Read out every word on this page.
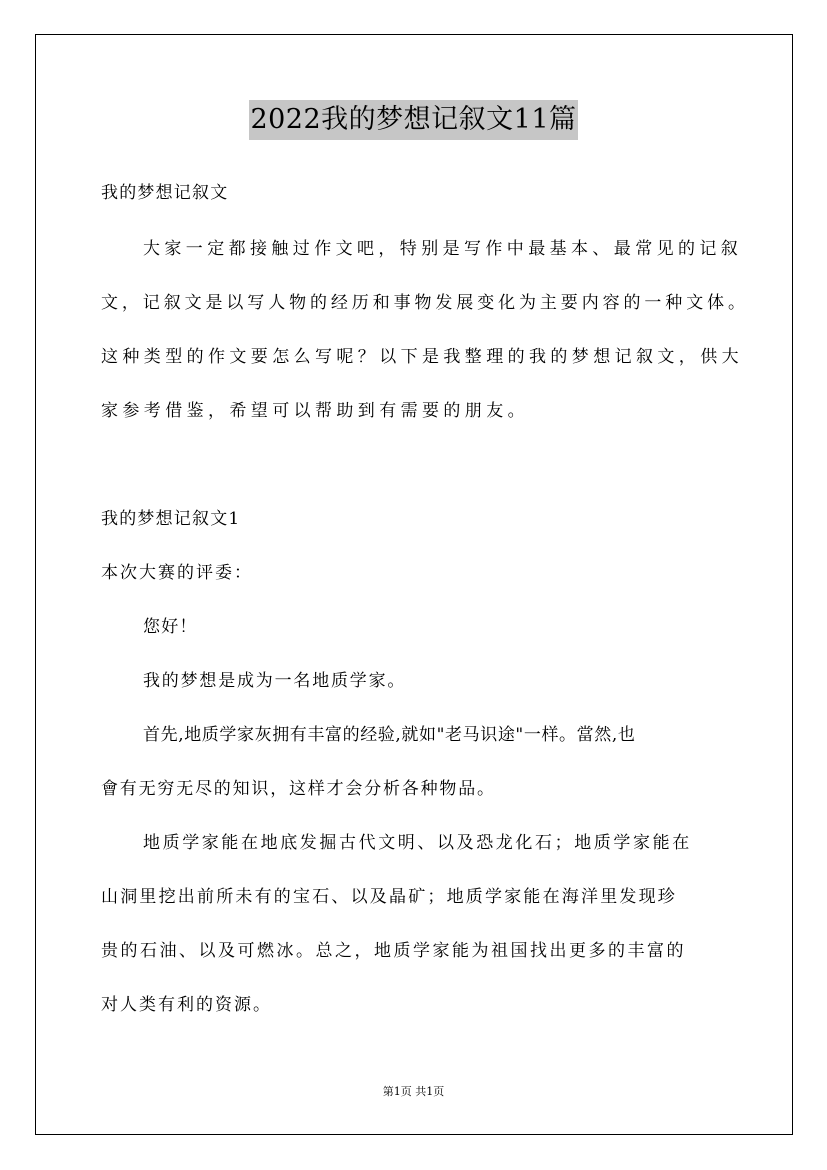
2022我的梦想记叙文11篇
我的梦想记叙文
大家一定都接触过作文吧，特别是写作中最基本、最常见的记叙
文，记叙文是以写人物的经历和事物发展变化为主要内容的一种文体。
这种类型的作文要怎么写呢？以下是我整理的我的梦想记叙文，供大
家参考借鉴，希望可以帮助到有需要的朋友。
我的梦想记叙文1
本次大赛的评委：
您好！
我的梦想是成为一名地质学家。
首先,地质学家灰拥有丰富的经验,就如"老马识途"一样。當然,也
會有无穷无尽的知识，这样才会分析各种物品。
地质学家能在地底发掘古代文明、以及恐龙化石；地质学家能在
山洞里挖出前所未有的宝石、以及晶矿；地质学家能在海洋里发现珍
贵的石油、以及可燃冰。总之，地质学家能为祖国找出更多的丰富的
对人类有利的资源。
第1页 共1页
